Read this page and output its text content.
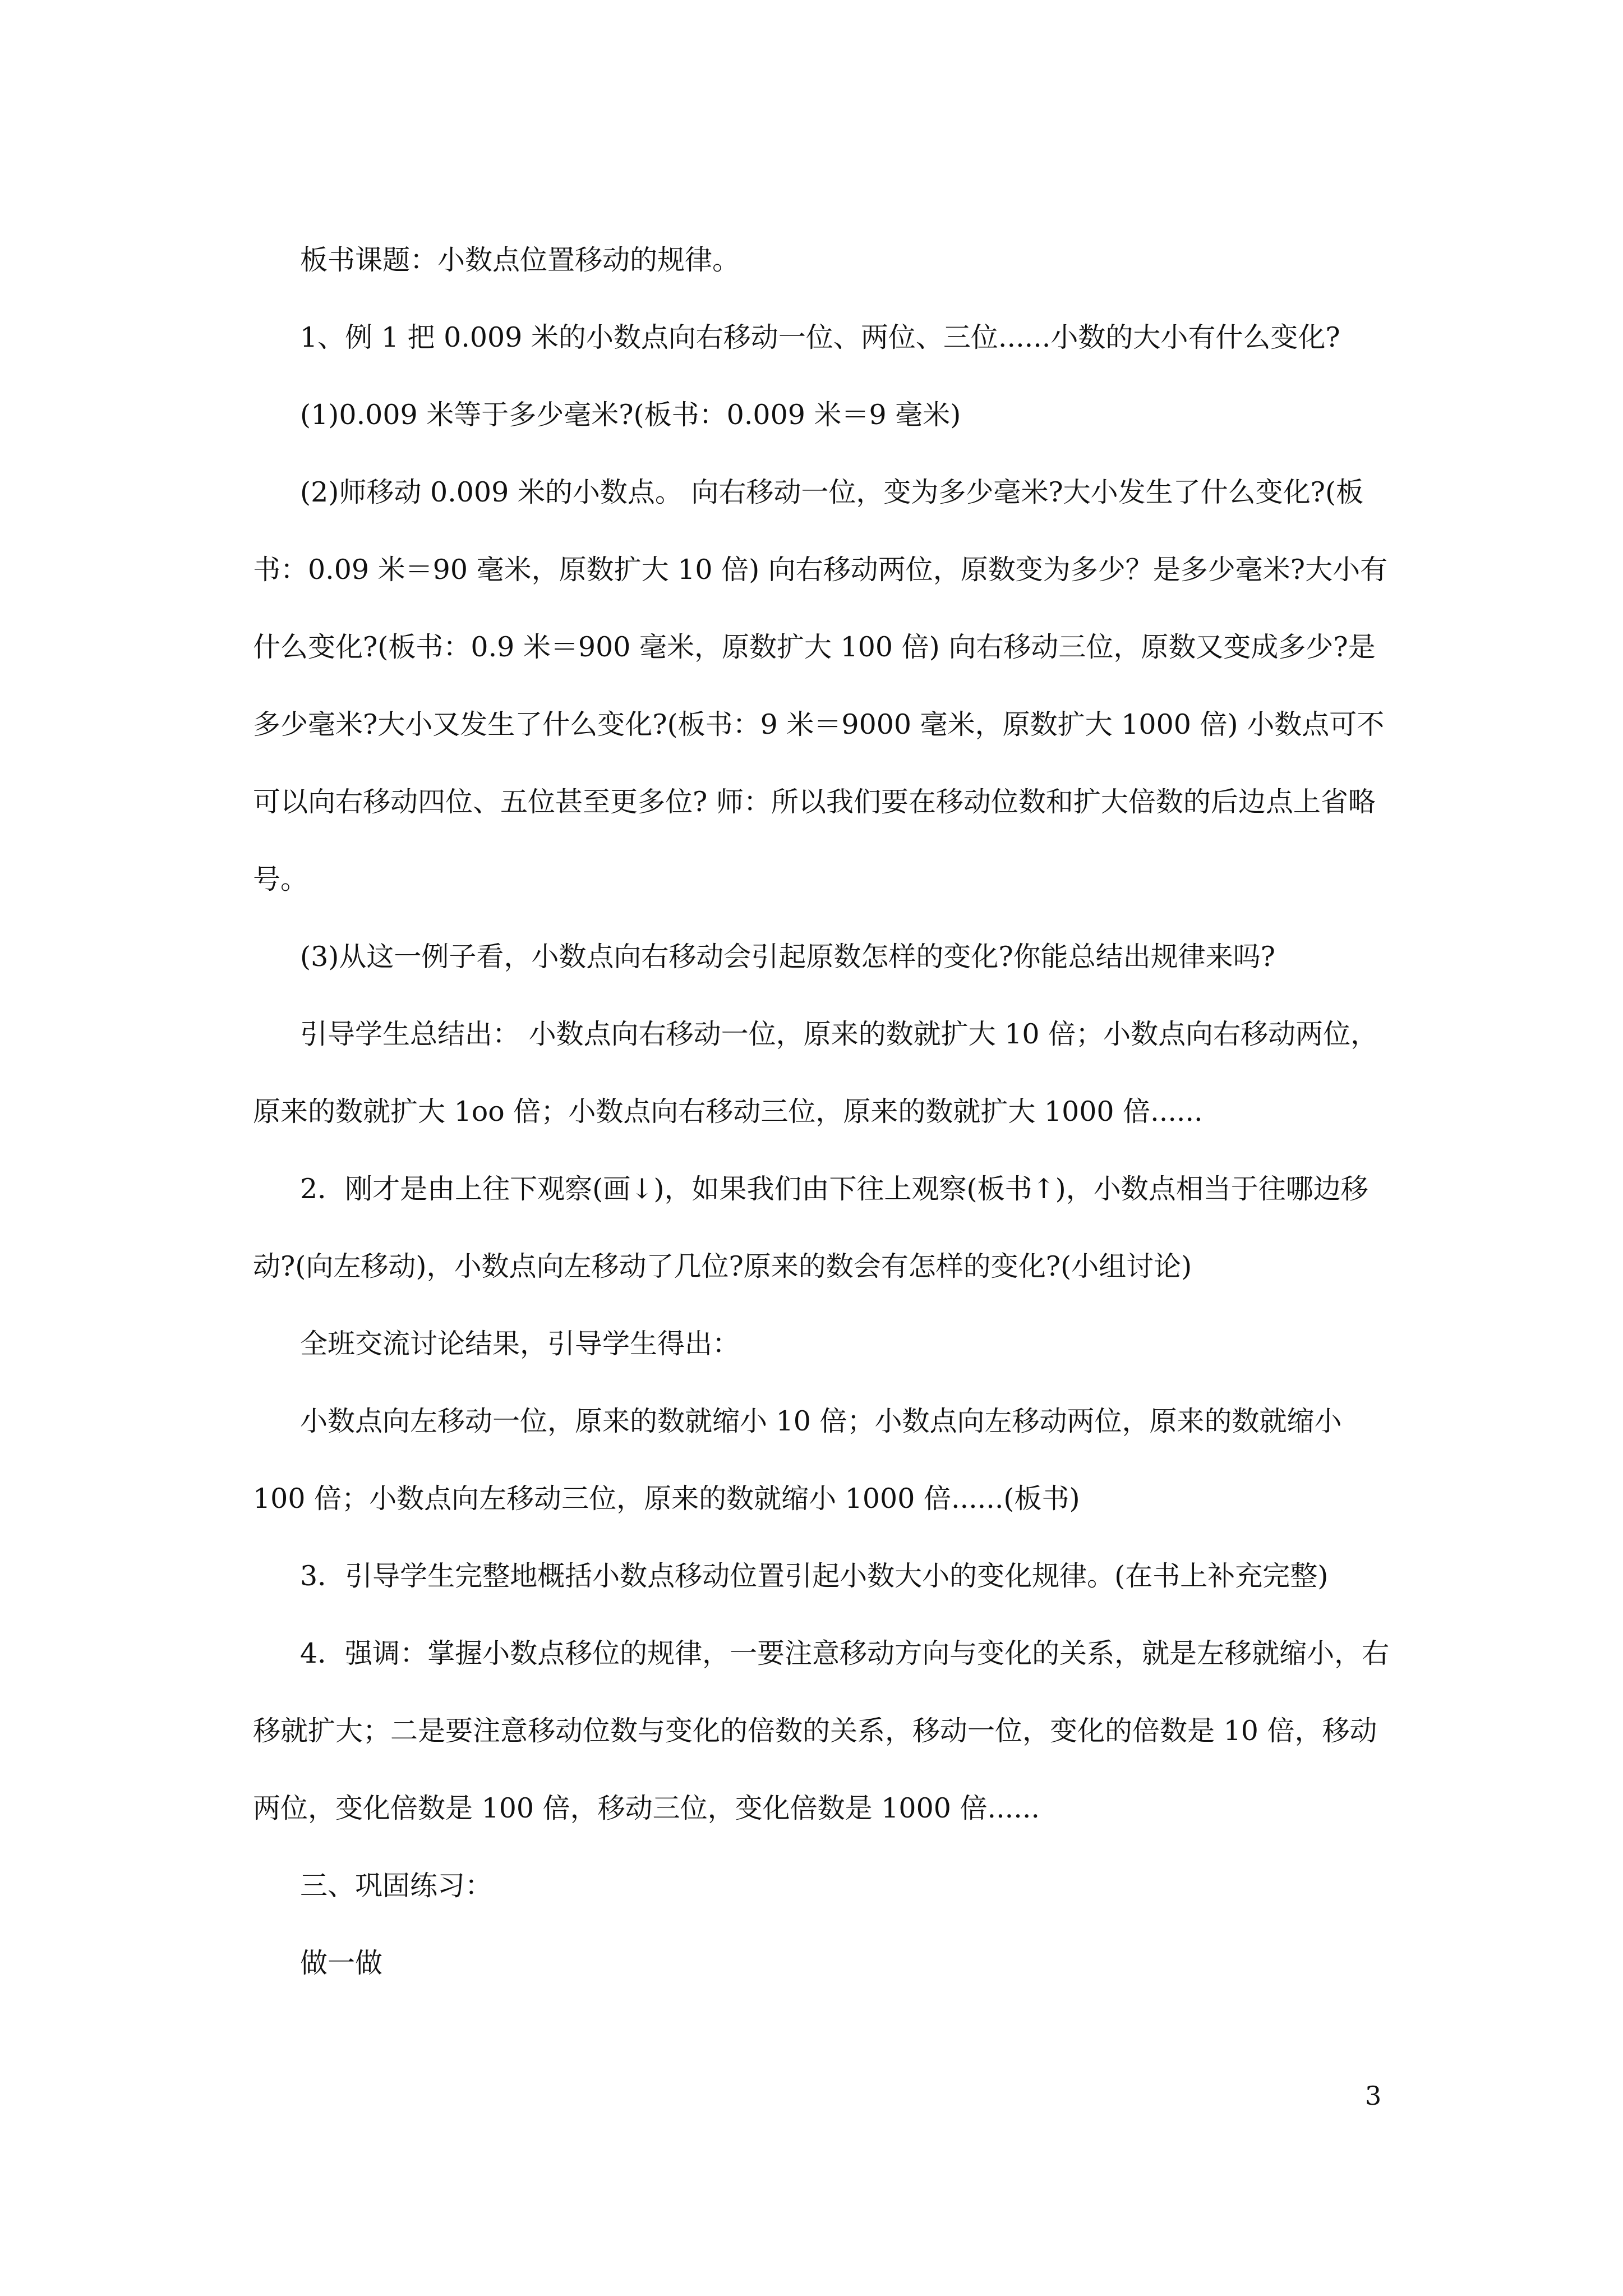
板书课题：小数点位置移动的规律。

1、例 1 把 0.009 米的小数点向右移动一位、两位、三位......小数的大小有什么变化?

(1)0.009 米等于多少毫米?(板书：0.009 米＝9 毫米)

(2)师移动 0.009 米的小数点。 向右移动一位，变为多少毫米?大小发生了什么变化?(板书：0.09 米＝90 毫米，原数扩大 10 倍) 向右移动两位，原数变为多少？是多少毫米?大小有什么变化?(板书：0.9 米＝900 毫米，原数扩大 100 倍) 向右移动三位，原数又变成多少?是多少毫米?大小又发生了什么变化?(板书：9 米＝9000 毫米，原数扩大 1000 倍) 小数点可不可以向右移动四位、五位甚至更多位? 师：所以我们要在移动位数和扩大倍数的后边点上省略号。

(3)从这一例子看，小数点向右移动会引起原数怎样的变化?你能总结出规律来吗?

引导学生总结出： 小数点向右移动一位，原来的数就扩大 10 倍；小数点向右移动两位，原来的数就扩大 1oo 倍；小数点向右移动三位，原来的数就扩大 1000 倍......

2．刚才是由上往下观察(画↓)，如果我们由下往上观察(板书↑)，小数点相当于往哪边移动?(向左移动)，小数点向左移动了几位?原来的数会有怎样的变化?(小组讨论)

全班交流讨论结果，引导学生得出：

小数点向左移动一位，原来的数就缩小 10 倍；小数点向左移动两位，原来的数就缩小 100 倍；小数点向左移动三位，原来的数就缩小 1000 倍......(板书)

3．引导学生完整地概括小数点移动位置引起小数大小的变化规律。(在书上补充完整)

4．强调：掌握小数点移位的规律，一要注意移动方向与变化的关系，就是左移就缩小，右移就扩大；二是要注意移动位数与变化的倍数的关系，移动一位，变化的倍数是 10 倍，移动两位，变化倍数是 100 倍，移动三位，变化倍数是 1000 倍......

三、巩固练习：

做一做

3
